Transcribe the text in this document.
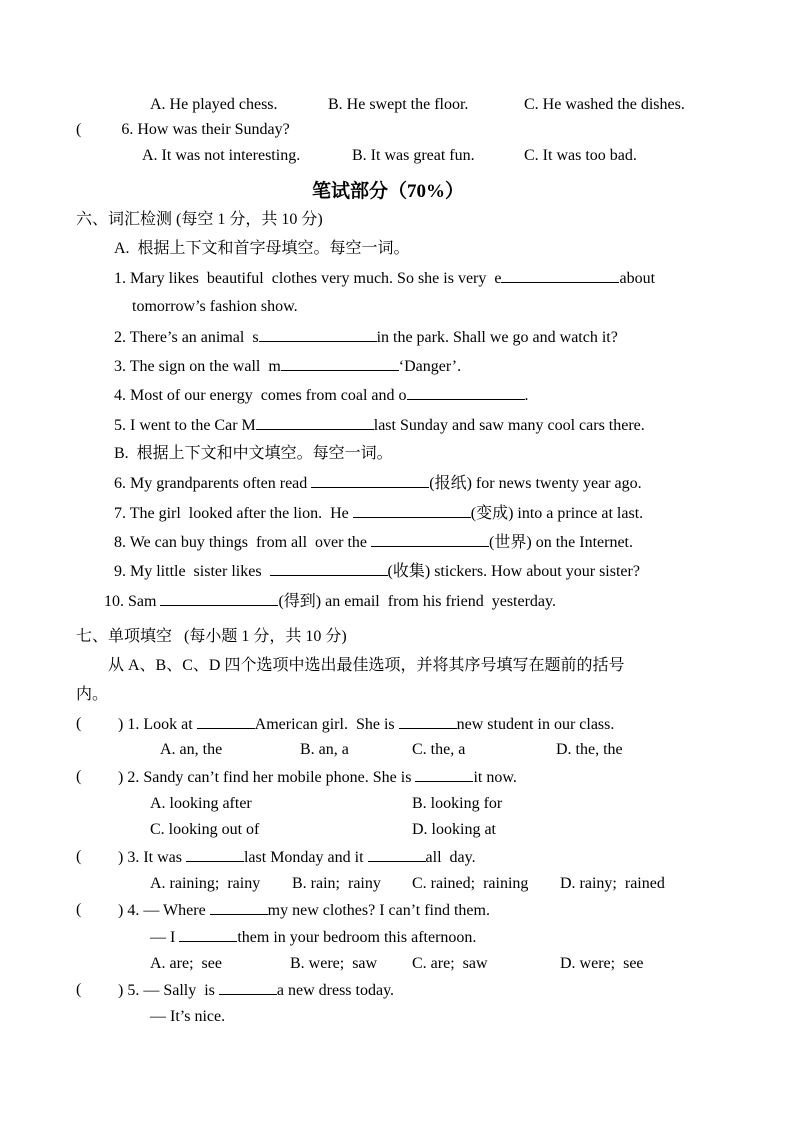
A. He played chess.	B. He swept the floor.	C. He washed the dishes.
(          6. How was their Sunday?
A. It was not interesting.	B. It was great fun.	C. It was too bad.
笔试部分（70%）
六、词汇检测 (每空 1 分，共 10 分)
A.  根据上下文和首字母填空。每空一词。
1. Mary likes  beautiful  clothes very much. So she is very  e	about
tomorrow’s fashion show.
2. There’s an animal  s	in the park. Shall we go and watch it?
3. The sign on the wall  m	‘Danger’.
4. Most of our energy  comes from coal and o	.
5. I went to the Car M	last Sunday and saw many cool cars there.
B.  根据上下文和中文填空。每空一词。
6. My grandparents often read	(报纸) for news twenty year ago.
7. The girl  looked after the lion.  He	(变成) into a prince at last.
8. We can buy things  from all  over the	(世界) on the Internet.
9. My little  sister likes	(收集) stickers. How about your sister?
10. Sam	(得到) an email  from his friend  yesterday.
七、单项填空   (每小题 1 分，共 10 分)
从 A、B、C、D 四个选项中选出最佳选项，并将其序号填写在题前的括号
内。
( ) 1. Look at	American girl.  She is	new student in our class.
A. an, the	B. an, a	C. the, a	D. the, the
( ) 2. Sandy can’t find her mobile phone. She is	it now.
A. looking after	B. looking for
C. looking out of	D. looking at
( ) 3. It was	last Monday and it	all  day.
A. raining;  rainy B. rain;  rainy C. rained;  raining D. rainy;  rained
( ) 4. — Where	my new clothes? I can’t find them.
— I	them in your bedroom this afternoon.
A. are;  see	B. were;  saw C. are;  saw	D. were;  see
( ) 5. — Sally  is	a new dress today.
— It’s nice.
